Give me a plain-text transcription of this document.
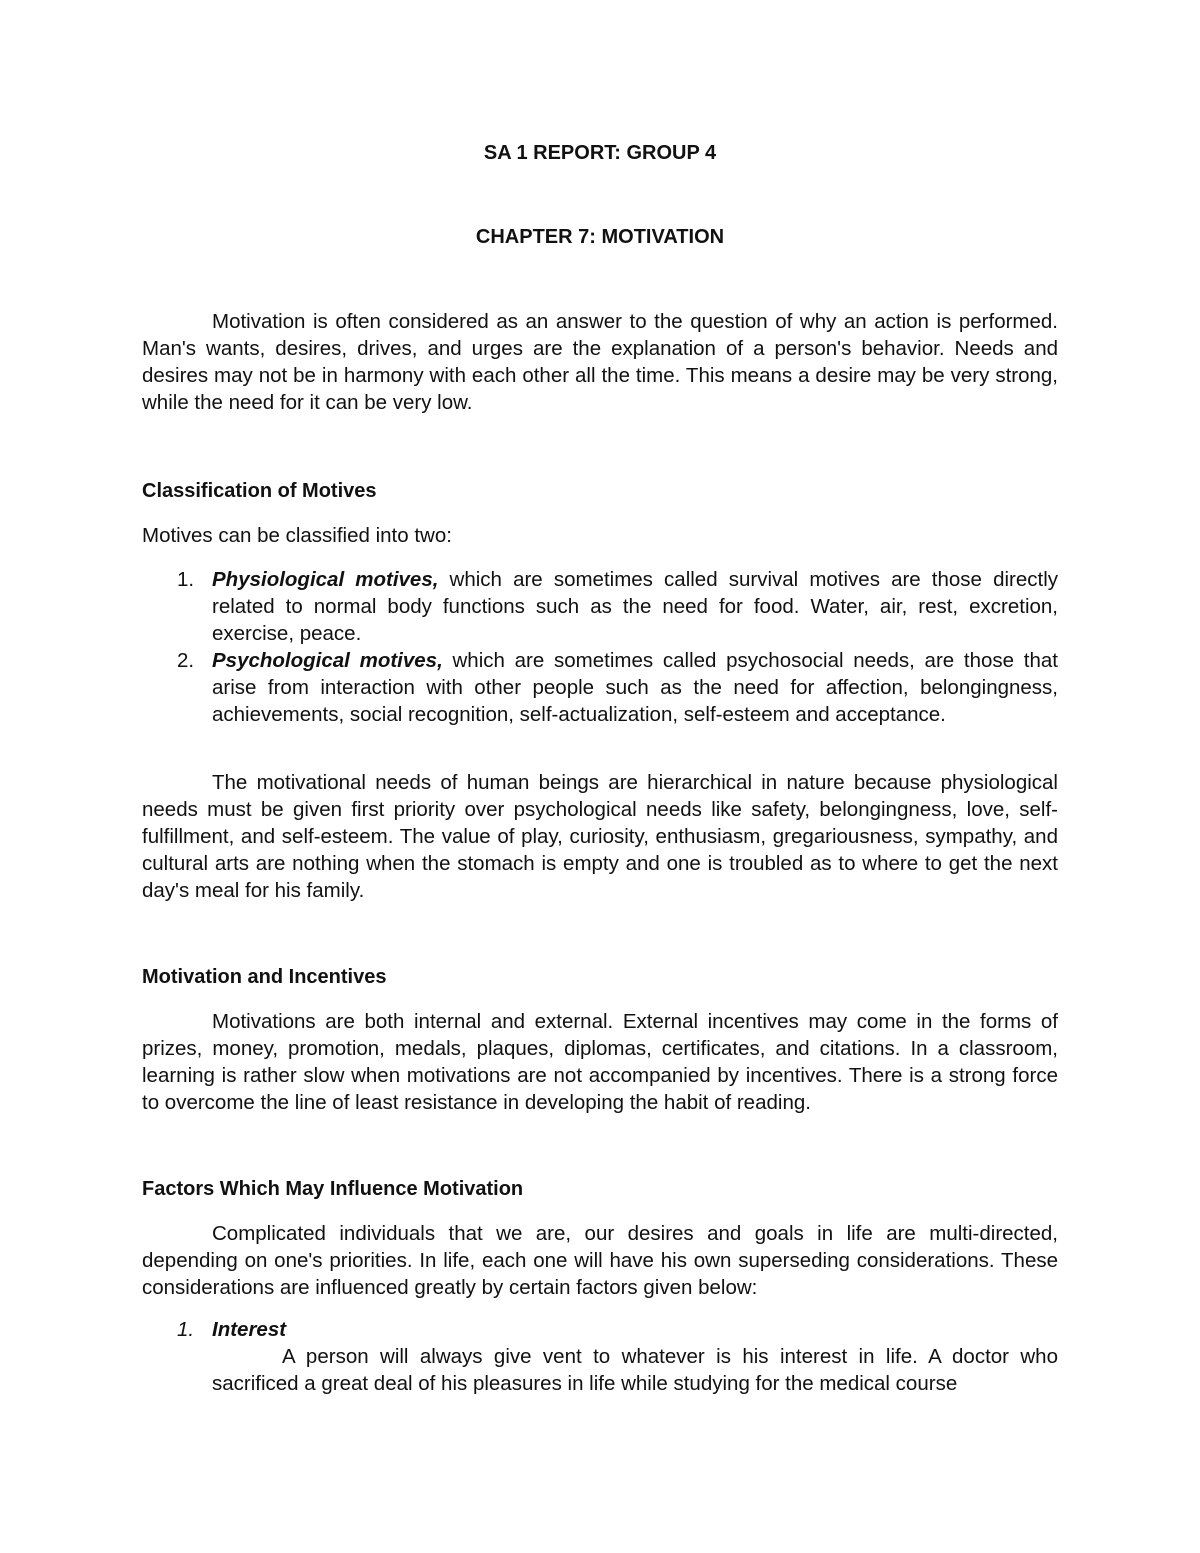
SA 1 REPORT: GROUP 4
CHAPTER 7: MOTIVATION

Motivation is often considered as an answer to the question of why an action is performed. Man's wants, desires, drives, and urges are the explanation of a person's behavior. Needs and desires may not be in harmony with each other all the time. This means a desire may be very strong, while the need for it can be very low.

Classification of Motives

Motives can be classified into two:

1. Physiological motives, which are sometimes called survival motives are those directly related to normal body functions such as the need for food. Water, air, rest, excretion, exercise, peace.
2. Psychological motives, which are sometimes called psychosocial needs, are those that arise from interaction with other people such as the need for affection, belongingness, achievements, social recognition, self-actualization, self-esteem and acceptance.

The motivational needs of human beings are hierarchical in nature because physiological needs must be given first priority over psychological needs like safety, belongingness, love, self-fulfillment, and self-esteem. The value of play, curiosity, enthusiasm, gregariousness, sympathy, and cultural arts are nothing when the stomach is empty and one is troubled as to where to get the next day's meal for his family.

Motivation and Incentives

Motivations are both internal and external. External incentives may come in the forms of prizes, money, promotion, medals, plaques, diplomas, certificates, and citations. In a classroom, learning is rather slow when motivations are not accompanied by incentives. There is a strong force to overcome the line of least resistance in developing the habit of reading.

Factors Which May Influence Motivation

Complicated individuals that we are, our desires and goals in life are multi-directed, depending on one's priorities. In life, each one will have his own superseding considerations. These considerations are influenced greatly by certain factors given below:

1. Interest
A person will always give vent to whatever is his interest in life. A doctor who sacrificed a great deal of his pleasures in life while studying for the medical course
